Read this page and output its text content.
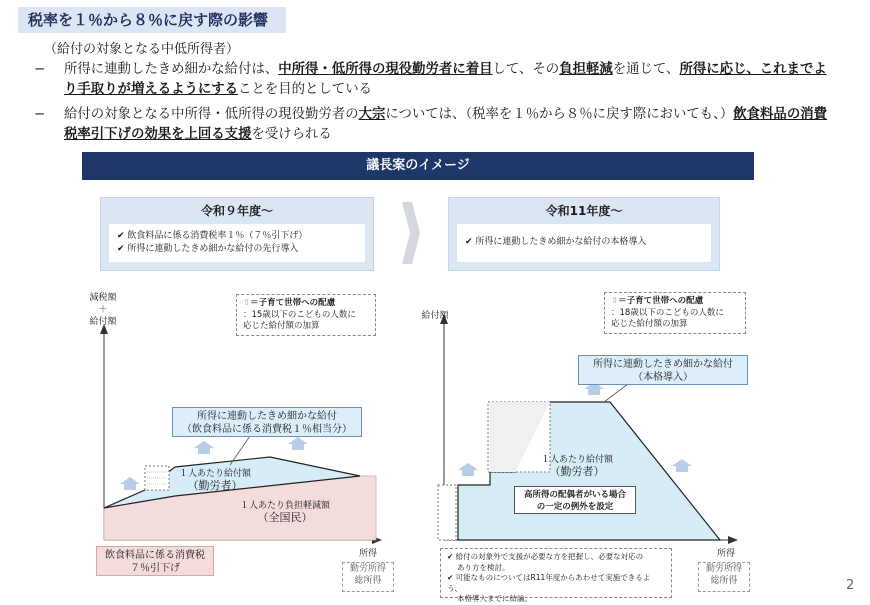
税率を１％から８％に戻す際の影響
（給付の対象となる中低所得者）
− 所得に連動したきめ細かな給付は、中所得・低所得の現役勤労者に着目して、その負担軽減を通じて、所得に応じ、これまでより手取りが増えるようにすることを目的としている
− 給付の対象となる中所得・低所得の現役勤労者の大宗については、（税率を１％から８％に戻す際においても、）飲食料品の消費税率引下げの効果を上回る支援を受けられる
議長案のイメージ
令和９年度～
✔ 飲食料品に係る消費税率１％（７％引下げ）
✔ 所得に連動したきめ細かな給付の先行導入
令和11年度～
✔ 所得に連動したきめ細かな給付の本格導入
減税額
＋
給付額
⇧＝子育て世帯への配慮
：15歳以下のこどもの人数に
応じた給付額の加算
所得に連動したきめ細かな給付
（飲食料品に係る消費税１％相当分）
１人あたり給付額
（勤労者）
１人あたり負担軽減額
（全国民）
飲食料品に係る消費税
７％引下げ
所得
勤労所得
総所得
給付額
⇧＝子育て世帯への配慮
：18歳以下のこどもの人数に
応じた給付額の加算
所得に連動したきめ細かな給付
（本格導入）
１人あたり給付額
（勤労者）
高所得の配偶者がいる場合
の一定の例外を設定
✔ 給付の対象外で支援が必要な方を把握し、必要な対応の
あり方を検討。
✔ 可能なものについてはR11年度からあわせて実施できるよう、
本格導入までに結論。
所得
勤労所得
総所得	2
